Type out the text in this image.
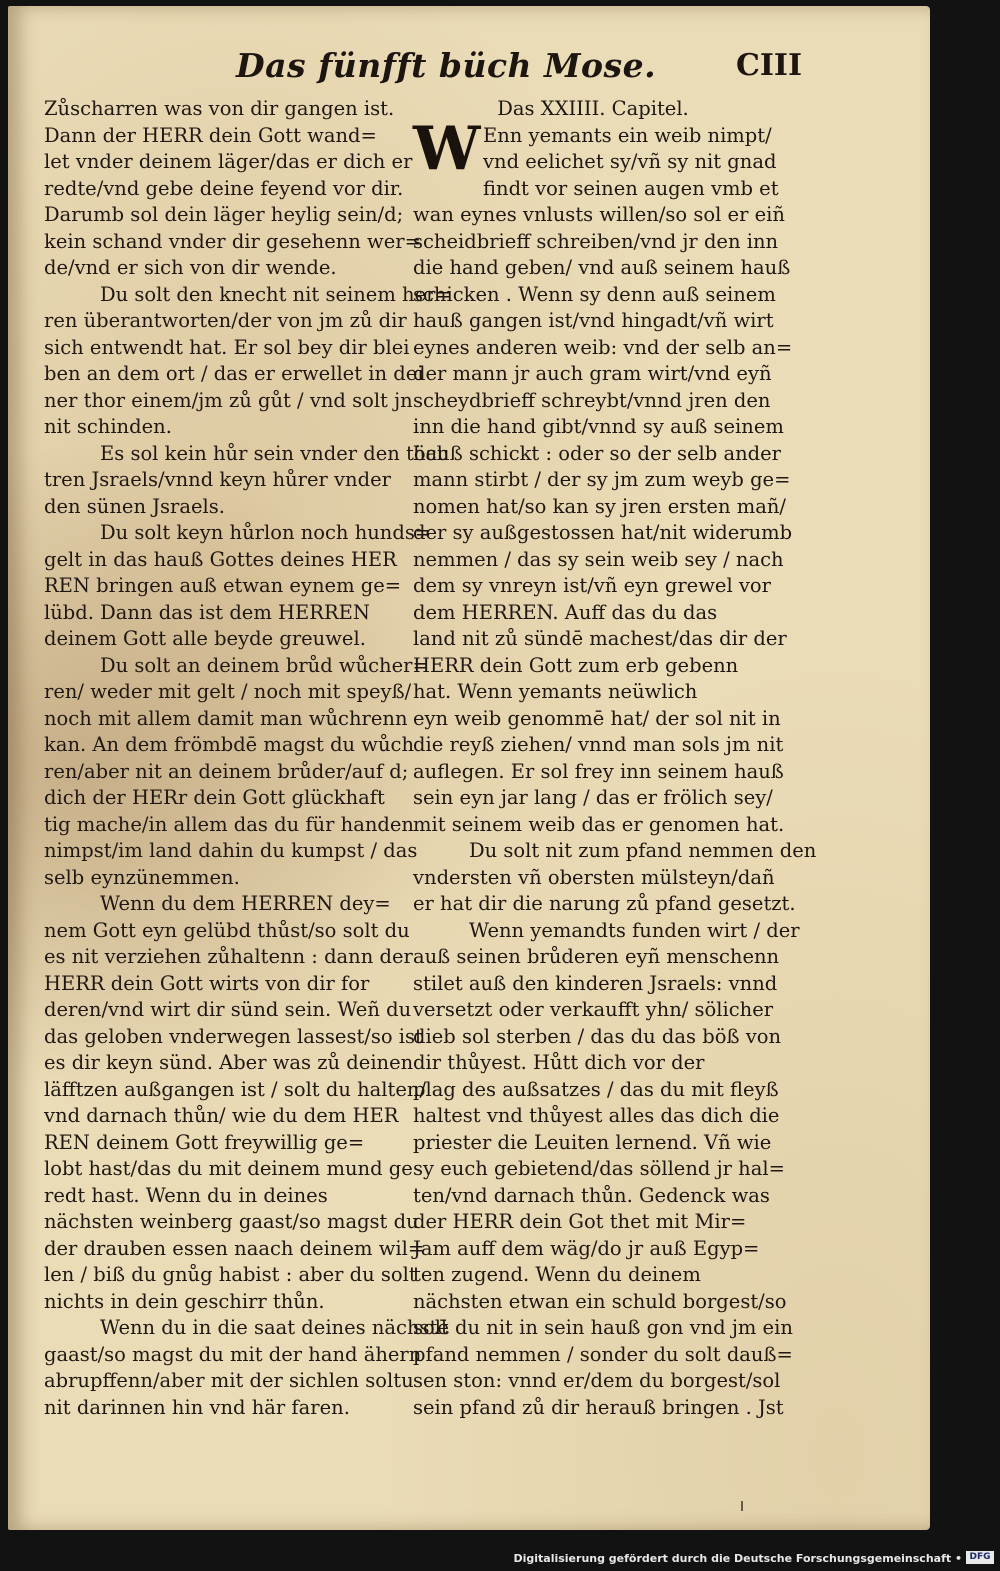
Das fünfft büch Mose.	CIII
Zůscharren was von dir gangen ist.
Dann der HERR dein Gott wand=
let vnder deinem läger/das er dich er
redte/vnd gebe deine feyend vor dir.
Darumb sol dein läger heylig sein/d;
kein schand vnder dir gesehenn wer=
de/vnd er sich von dir wende.
Du solt den knecht nit seinem her=
ren überantworten/der von jm zů dir
sich entwendt hat. Er sol bey dir blei
ben an dem ort / das er erwellet in dei
ner thor einem/jm zů gůt / vnd solt jn
nit schinden.
Es sol kein hůr sein vnder den töch
tren Jsraels/vnnd keyn hůrer vnder
den sünen Jsraels.
Du solt keyn hůrlon noch hunds=
gelt in das hauß Gottes deines HER
REN bringen auß etwan eynem ge=
lübd. Dann das ist dem HERREN
deinem Gott alle beyde greuwel.
Du solt an deinem brůd wůcher=
ren/ weder mit gelt / noch mit speyß/
noch mit allem damit man wůchrenn
kan. An dem frömbdē magst du wůch
ren/aber nit an deinem brůder/auf d;
dich der HERr dein Gott glückhaft
tig mache/in allem das du für handen
nimpst/im land dahin du kumpst / das
selb eynzünemmen.
Wenn du dem HERREN dey=
nem Gott eyn gelübd thůst/so solt du
es nit verziehen zůhaltenn : dann der
HERR dein Gott wirts von dir for
deren/vnd wirt dir sünd sein. Weñ du
das geloben vnderwegen lassest/so ist
es dir keyn sünd. Aber was zů deinen
läfftzen außgangen ist / solt du halten/
vnd darnach thůn/ wie du dem HER
REN deinem Gott freywillig ge=
lobt hast/das du mit deinem mund ge
redt hast. Wenn du in deines
nächsten weinberg gaast/so magst du
der drauben essen naach deinem wil=
len / biß du gnůg habist : aber du solt
nichts in dein geschirr thůn.
Wenn du in die saat deines nächstē
gaast/so magst du mit der hand ähern
abrupffenn/aber mit der sichlen soltu
nit darinnen hin vnd här faren.
Das XXIIII. Capitel.
W Enn yemants ein weib nimpt/
vnd eelichet sy/vñ sy nit gnad
findt vor seinen augen vmb et
wan eynes vnlusts willen/so sol er eiñ
scheidbrieff schreiben/vnd jr den inn
die hand geben/ vnd auß seinem hauß
schicken . Wenn sy denn auß seinem
hauß gangen ist/vnd hingadt/vñ wirt
eynes anderen weib: vnd der selb an=
der mann jr auch gram wirt/vnd eyñ
scheydbrieff schreybt/vnnd jren den
inn die hand gibt/vnnd sy auß seinem
hauß schickt : oder so der selb ander
mann stirbt / der sy jm zum weyb ge=
nomen hat/so kan sy jren ersten mañ/
der sy außgestossen hat/nit widerumb
nemmen / das sy sein weib sey / nach
dem sy vnreyn ist/vñ eyn grewel vor
dem HERREN. Auff das du das
land nit zů sündē machest/das dir der
HERR dein Gott zum erb gebenn
hat. Wenn yemants neüwlich
eyn weib genommē hat/ der sol nit in
die reyß ziehen/ vnnd man sols jm nit
auflegen. Er sol frey inn seinem hauß
sein eyn jar lang / das er frölich sey/
mit seinem weib das er genomen hat.
Du solt nit zum pfand nemmen den
vndersten vñ obersten mülsteyn/dañ
er hat dir die narung zů pfand gesetzt.
Wenn yemandts funden wirt / der
auß seinen brůderen eyñ menschenn
stilet auß den kinderen Jsraels: vnnd
versetzt oder verkaufft yhn/ sölicher
dieb sol sterben / das du das böß von
dir thůyest. Hůtt dich vor der
plag des außsatzes / das du mit fleyß
haltest vnd thůyest alles das dich die
priester die Leuiten lernend. Vñ wie
sy euch gebietend/das söllend jr hal=
ten/vnd darnach thůn. Gedenck was
der HERR dein Got thet mit Mir=
Jam auff dem wäg/do jr auß Egyp=
ten zugend. Wenn du deinem
nächsten etwan ein schuld borgest/so
solt du nit in sein hauß gon vnd jm ein
pfand nemmen / sonder du solt dauß=
sen ston: vnnd er/dem du borgest/sol
sein pfand zů dir herauß bringen . Jst
Digitalisierung gefördert durch die Deutsche Forschungsgemeinschaft • DFG
